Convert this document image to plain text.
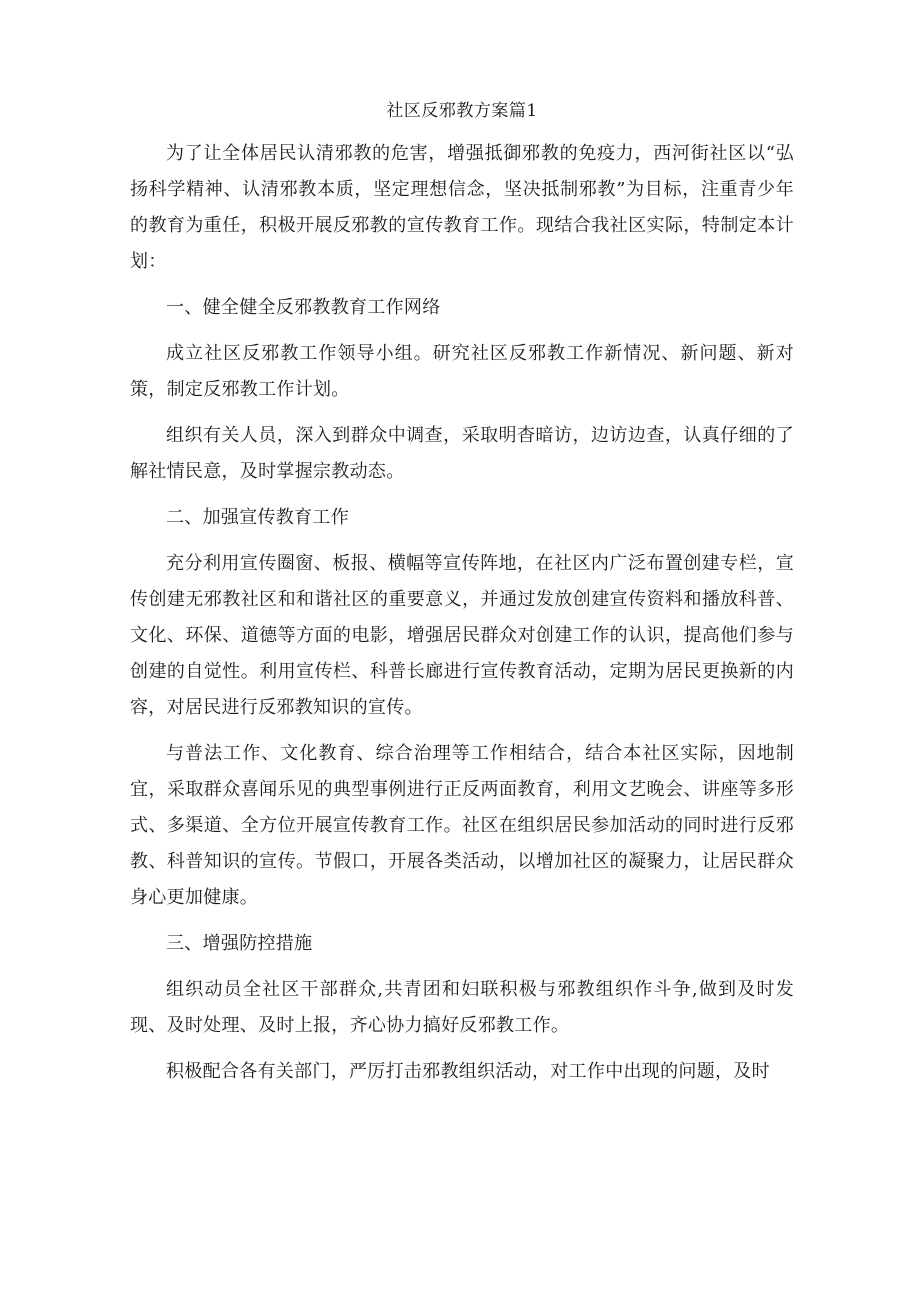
社区反邪教方案篇1

为了让全体居民认清邪教的危害，增强抵御邪教的免疫力，西河街社区以“弘扬科学精神、认清邪教本质，坚定理想信念，坚决抵制邪教”为目标，注重青少年的教育为重任，积极开展反邪教的宣传教育工作。现结合我社区实际，特制定本计划：

一、健全健全反邪教教育工作网络

成立社区反邪教工作领导小组。研究社区反邪教工作新情况、新问题、新对策，制定反邪教工作计划。

组织有关人员，深入到群众中调查，采取明杳暗访，边访边查，认真仔细的了解社情民意，及时掌握宗教动态。

二、加强宣传教育工作

充分利用宣传圈窗、板报、横幅等宣传阵地，在社区内广泛布置创建专栏，宣传创建无邪教社区和和谐社区的重要意义，并通过发放创建宣传资料和播放科普、文化、环保、道德等方面的电影，增强居民群众对创建工作的认识，提高他们参与创建的自觉性。利用宣传栏、科普长廊进行宣传教育活动，定期为居民更换新的内容，对居民进行反邪教知识的宣传。

与普法工作、文化教育、综合治理等工作相结合，结合本社区实际，因地制宜，采取群众喜闻乐见的典型事例进行正反两面教育，利用文艺晚会、讲座等多形式、多渠道、全方位开展宣传教育工作。社区在组织居民参加活动的同时进行反邪教、科普知识的宣传。节假口，开展各类活动，以增加社区的凝聚力，让居民群众身心更加健康。

三、增强防控措施

组织动员全社区干部群众,共青团和妇联积极与邪教组织作斗争,做到及时发现、及时处理、及时上报，齐心协力搞好反邪教工作。

积极配合各有关部门，严厉打击邪教组织活动，对工作中出现的问题，及时
